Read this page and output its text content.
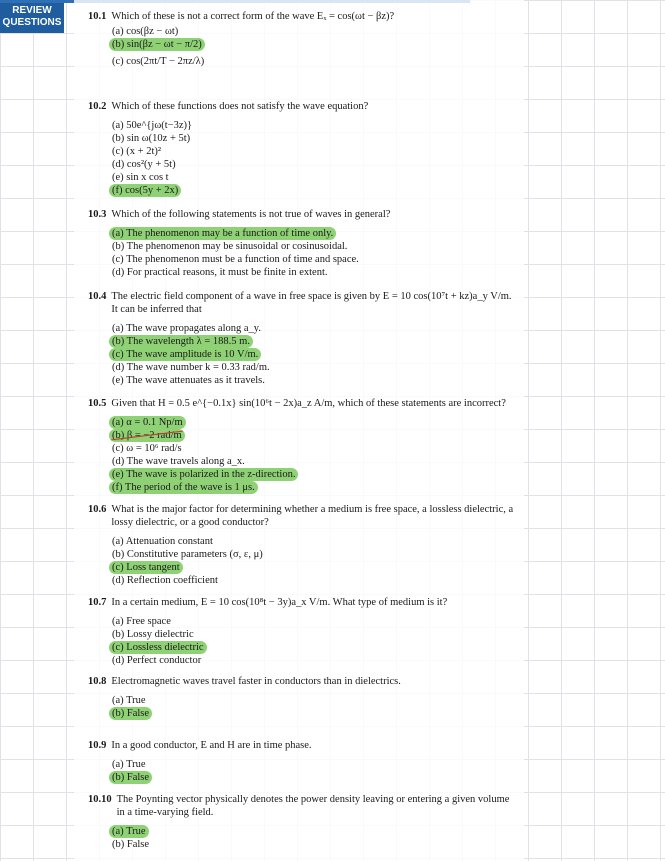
REVIEW
QUESTIONS
10.1 Which of these is not a correct form of the wave Eₓ = cos(ωt − βz)?
(a) cos(βz − ωt)
(b) sin(βz − ωt − π/2)
(c) cos(2πt/T − 2πz/λ)
10.2 Which of these functions does not satisfy the wave equation?
(a) 50e^{jω(t−3z)}
(b) sin ω(10z + 5t)
(c) (x + 2t)²
(d) cos²(y + 5t)
(e) sin x cos t
(f) cos(5y + 2x)
10.3 Which of the following statements is not true of waves in general?
(a) The phenomenon may be a function of time only.
(b) The phenomenon may be sinusoidal or cosinusoidal.
(c) The phenomenon must be a function of time and space.
(d) For practical reasons, it must be finite in extent.
10.4 The electric field component of a wave in free space is given by E = 10 cos(10⁷t + kz)a_y V/m. It can be inferred that
(a) The wave propagates along a_y.
(b) The wavelength λ = 188.5 m.
(c) The wave amplitude is 10 V/m.
(d) The wave number k = 0.33 rad/m.
(e) The wave attenuates as it travels.
10.5 Given that H = 0.5 e^{−0.1x} sin(10⁶t − 2x)a_z A/m, which of these statements are incorrect?
(a) α = 0.1 Np/m
(b) β = −2 rad/m
(c) ω = 10⁶ rad/s
(d) The wave travels along a_x.
(e) The wave is polarized in the z-direction.
(f) The period of the wave is 1 μs.
10.6 What is the major factor for determining whether a medium is free space, a lossless dielectric, a lossy dielectric, or a good conductor?
(a) Attenuation constant
(b) Constitutive parameters (σ, ε, μ)
(c) Loss tangent
(d) Reflection coefficient
10.7 In a certain medium, E = 10 cos(10⁸t − 3y)a_x V/m. What type of medium is it?
(a) Free space
(b) Lossy dielectric
(c) Lossless dielectric
(d) Perfect conductor
10.8 Electromagnetic waves travel faster in conductors than in dielectrics.
(a) True
(b) False
10.9 In a good conductor, E and H are in time phase.
(a) True
(b) False
10.10 The Poynting vector physically denotes the power density leaving or entering a given volume in a time-varying field.
(a) True
(b) False
